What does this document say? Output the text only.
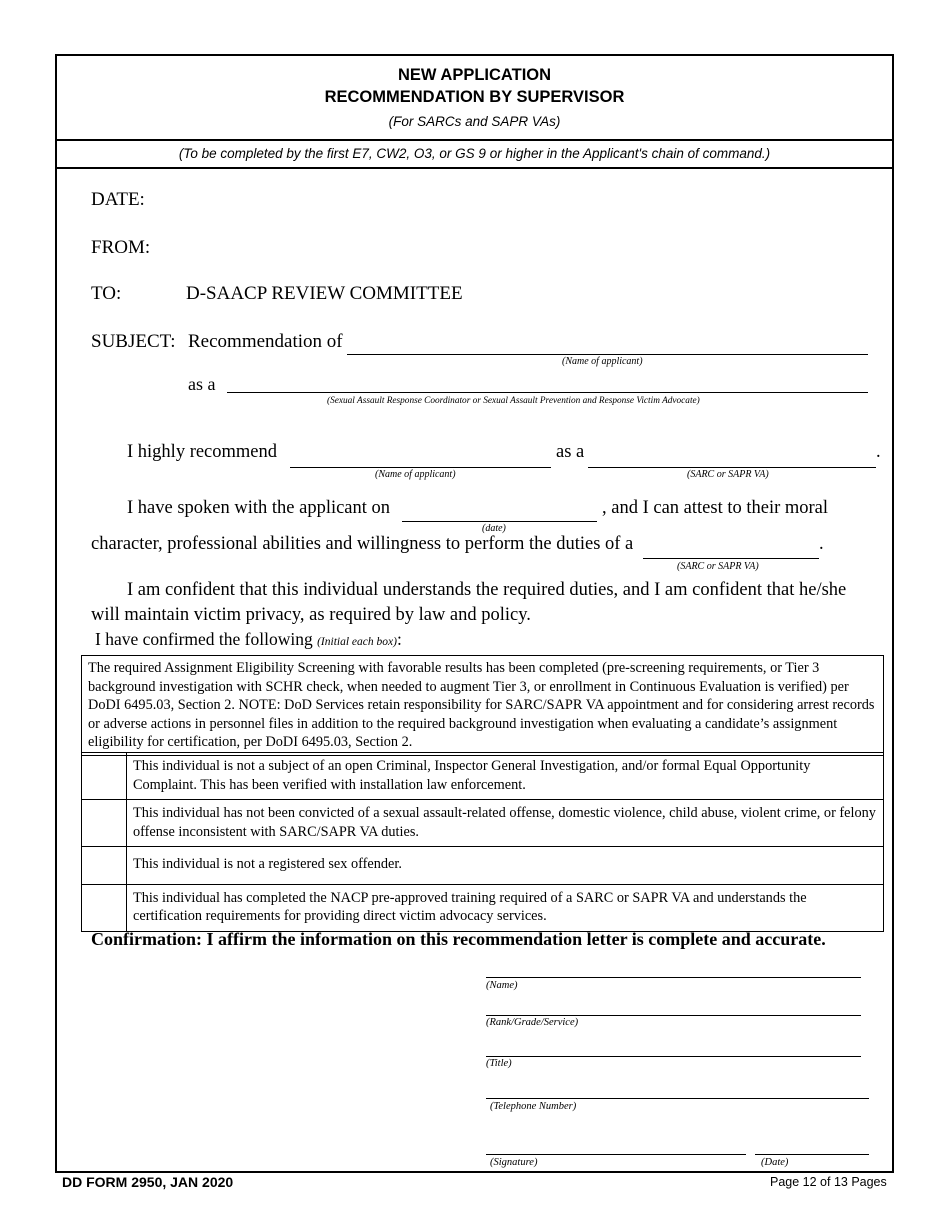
NEW APPLICATION
RECOMMENDATION BY SUPERVISOR
(For SARCs and SAPR VAs)
(To be completed by the first E7, CW2, O3, or GS 9 or higher in the Applicant's chain of command.)
DATE:
FROM:
TO:	D-SAACP REVIEW COMMITTEE
SUBJECT: Recommendation of
(Name of applicant)
as a
(Sexual Assault Response Coordinator or Sexual Assault Prevention and Response Victim Advocate)
I highly recommend
(Name of applicant)
as a
(SARC or SAPR VA)
.
I have spoken with the applicant on
(date)
, and I can attest to their moral
character, professional abilities and willingness to perform the duties of a
(SARC or SAPR VA)
.
I am confident that this individual understands the required duties, and I am confident that he/she
will maintain victim privacy, as required by law and policy.
I have confirmed the following (Initial each box):
The required Assignment Eligibility Screening with favorable results has been completed (pre-screening requirements, or Tier 3 background investigation with SCHR check, when needed to augment Tier 3, or enrollment in Continuous Evaluation is verified) per DoDI 6495.03, Section 2. NOTE: DoD Services retain responsibility for SARC/SAPR VA appointment and for considering arrest records or adverse actions in personnel files in addition to the required background investigation when evaluating a candidate’s assignment eligibility for certification, per DoDI 6495.03, Section 2.
	This individual is not a subject of an open Criminal, Inspector General Investigation, and/or formal Equal Opportunity Complaint. This has been verified with installation law enforcement.
	This individual has not been convicted of a sexual assault-related offense, domestic violence, child abuse, violent crime, or felony offense inconsistent with SARC/SAPR VA duties.
	This individual is not a registered sex offender.
	This individual has completed the NACP pre-approved training required of a SARC or SAPR VA and understands the certification requirements for providing direct victim advocacy services.
Confirmation: I affirm the information on this recommendation letter is complete and accurate.
(Name)
(Rank/Grade/Service)
(Title)
(Telephone Number)
(Signature)	(Date)
DD FORM 2950, JAN 2020	Page 12 of 13 Pages
